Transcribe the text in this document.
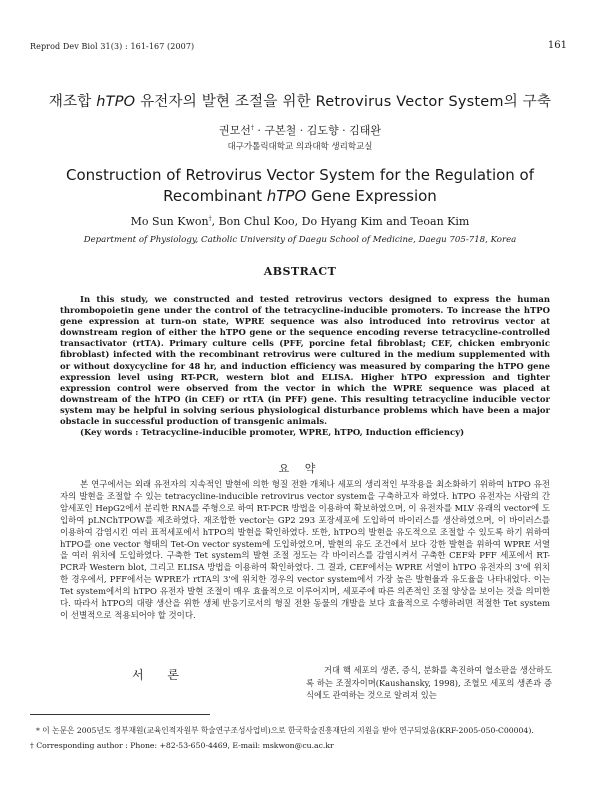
Reprod Dev Biol 31(3) : 161-167 (2007)	161
재조합 hTPO 유전자의 발현 조절을 위한 Retrovirus Vector System의 구축
권모선† · 구본철 · 김도향 · 김태완
대구가톨릭대학교 의과대학 생리학교실
Construction of Retrovirus Vector System for the Regulation of
Recombinant hTPO Gene Expression
Mo Sun Kwon†, Bon Chul Koo, Do Hyang Kim and Teoan Kim
Department of Physiology, Catholic University of Daegu School of Medicine, Daegu 705-718, Korea
ABSTRACT

In this study, we constructed and tested retrovirus vectors designed to express the human thrombopoietin gene under the control of the tetracycline-inducible promoters. To increase the hTPO gene expression at turn-on state, WPRE sequence was also introduced into retrovirus vector at downstream region of either the hTPO gene or the sequence encoding reverse tetracycline-controlled transactivator (rtTA). Primary culture cells (PFF, porcine fetal fibroblast; CEF, chicken embryonic fibroblast) infected with the recombinant retrovirus were cultured in the medium supplemented with or without doxycycline for 48 hr, and induction efficiency was measured by comparing the hTPO gene expression level using RT-PCR, western blot and ELISA. Higher hTPO expression and tighter expression control were observed from the vector in which the WPRE sequence was placed at downstream of the hTPO (in CEF) or rtTA (in PFF) gene. This resulting tetracycline inducible vector system may be helpful in solving serious physiological disturbance problems which have been a major obstacle in successful production of transgenic animals.

(Key words : Tetracycline-inducible promoter, WPRE, hTPO, Induction efficiency)

요 약

본 연구에서는 외래 유전자의 지속적인 발현에 의한 형질 전환 개체나 세포의 생리적인 부작용을 최소화하기 위하여 hTPO 유전자의 발현을 조절할 수 있는 tetracycline-inducible retrovirus vector system을 구축하고자 하였다. hTPO 유전자는 사람의 간암세포인 HepG2에서 분리한 RNA를 주형으로 하여 RT-PCR 방법을 이용하여 확보하였으며, 이 유전자를 MLV 유래의 vector에 도입하여 pLNChTPOW를 제조하였다. 재조합한 vector는 GP2 293 포장세포에 도입하여 바이러스를 생산하였으며, 이 바이러스를 이용하여 감염시킨 여러 표적세포에서 hTPO의 발현을 확인하였다. 또한, hTPO의 발현을 유도적으로 조절할 수 있도록 하기 위하여 hTPO를 one vector 형태의 Tet-On vector system에 도입하였으며, 발현의 유도 조건에서 보다 강한 발현을 위하여 WPRE 서열을 여러 위치에 도입하였다. 구축한 Tet system의 발현 조절 정도는 각 바이러스를 감염시켜서 구축한 CEF와 PFF 세포에서 RT-PCR과 Western blot, 그리고 ELISA 방법을 이용하여 확인하였다. 그 결과, CEF에서는 WPRE 서열이 hTPO 유전자의 3'에 위치한 경우에서, PFF에서는 WPRE가 rtTA의 3'에 위치한 경우의 vector system에서 가장 높은 발현율과 유도율을 나타내었다. 이는 Tet system에서의 hTPO 유전자 발현 조절이 매우 효율적으로 이루어지며, 세포주에 따른 의존적인 조절 양상을 보이는 것을 의미한다. 따라서 hTPO의 대량 생산을 위한 생체 반응기로서의 형질 전환 동물의 개발을 보다 효율적으로 수행하려면 적절한 Tet system이 선별적으로 적용되어야 할 것이다.

서 론	거대 핵 세포의 생존, 증식, 분화를 촉진하여 혈소판을 생산하도록 하는 조절자이며(Kaushansky, 1998), 조혈모 세포의 생존과 증식에도 관여하는 것으로 알려져 있는

* 이 논문은 2005년도 정부재원(교육인적자원부 학술연구조성사업비)으로 한국학술진흥재단의 지원을 받아 연구되었음(KRF-2005-050-C00004).

† Corresponding author : Phone: +82-53-650-4469, E-mail: mskwon@cu.ac.kr
